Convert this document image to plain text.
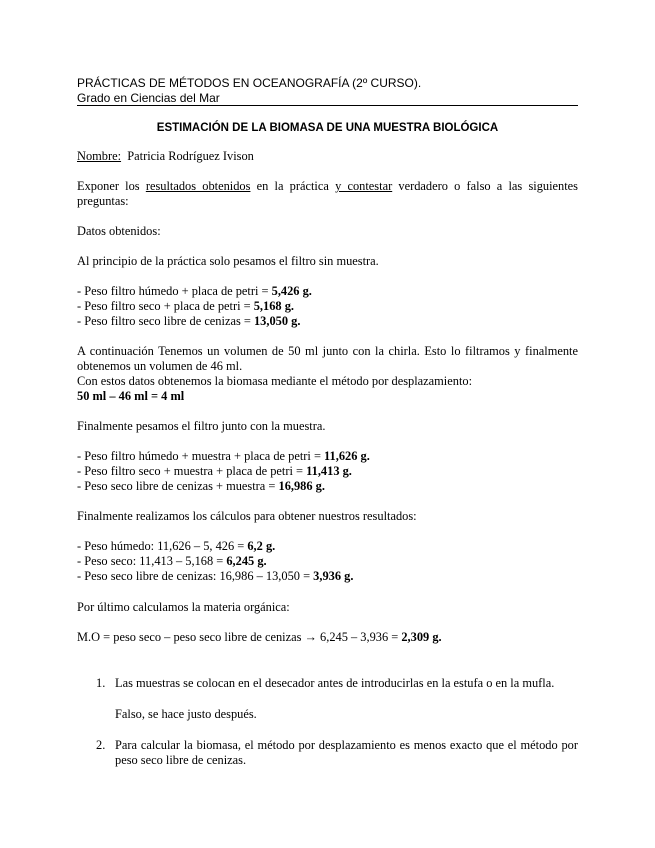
PRÁCTICAS DE MÉTODOS EN OCEANOGRAFÍA (2º CURSO).
Grado en Ciencias del Mar
ESTIMACIÓN DE LA BIOMASA DE UNA MUESTRA BIOLÓGICA
Nombre: Patricia Rodríguez Ivison
Exponer los resultados obtenidos en la práctica y contestar verdadero o falso a las siguientes preguntas:
Datos obtenidos:
Al principio de la práctica solo pesamos el filtro sin muestra.
- Peso filtro húmedo + placa de petri = 5,426 g.
- Peso filtro seco + placa de petri = 5,168 g.
- Peso filtro seco libre de cenizas = 13,050 g.
A continuación Tenemos un volumen de 50 ml junto con la chirla. Esto lo filtramos y finalmente obtenemos un volumen de 46 ml.
Con estos datos obtenemos la biomasa mediante el método por desplazamiento:
50 ml – 46 ml = 4 ml
Finalmente pesamos el filtro junto con la muestra.
- Peso filtro húmedo + muestra + placa de petri = 11,626 g.
- Peso filtro seco + muestra + placa de petri = 11,413 g.
- Peso seco libre de cenizas + muestra = 16,986 g.
Finalmente realizamos los cálculos para obtener nuestros resultados:
- Peso húmedo: 11,626 – 5, 426 = 6,2 g.
- Peso seco: 11,413 – 5,168 = 6,245 g.
- Peso seco libre de cenizas: 16,986 – 13,050 = 3,936 g.
Por último calculamos la materia orgánica:
M.O = peso seco – peso seco libre de cenizas → 6,245 – 3,936 = 2,309 g.
1. Las muestras se colocan en el desecador antes de introducirlas en la estufa o en la mufla.
Falso, se hace justo después.
2. Para calcular la biomasa, el método por desplazamiento es menos exacto que el método por peso seco libre de cenizas.
